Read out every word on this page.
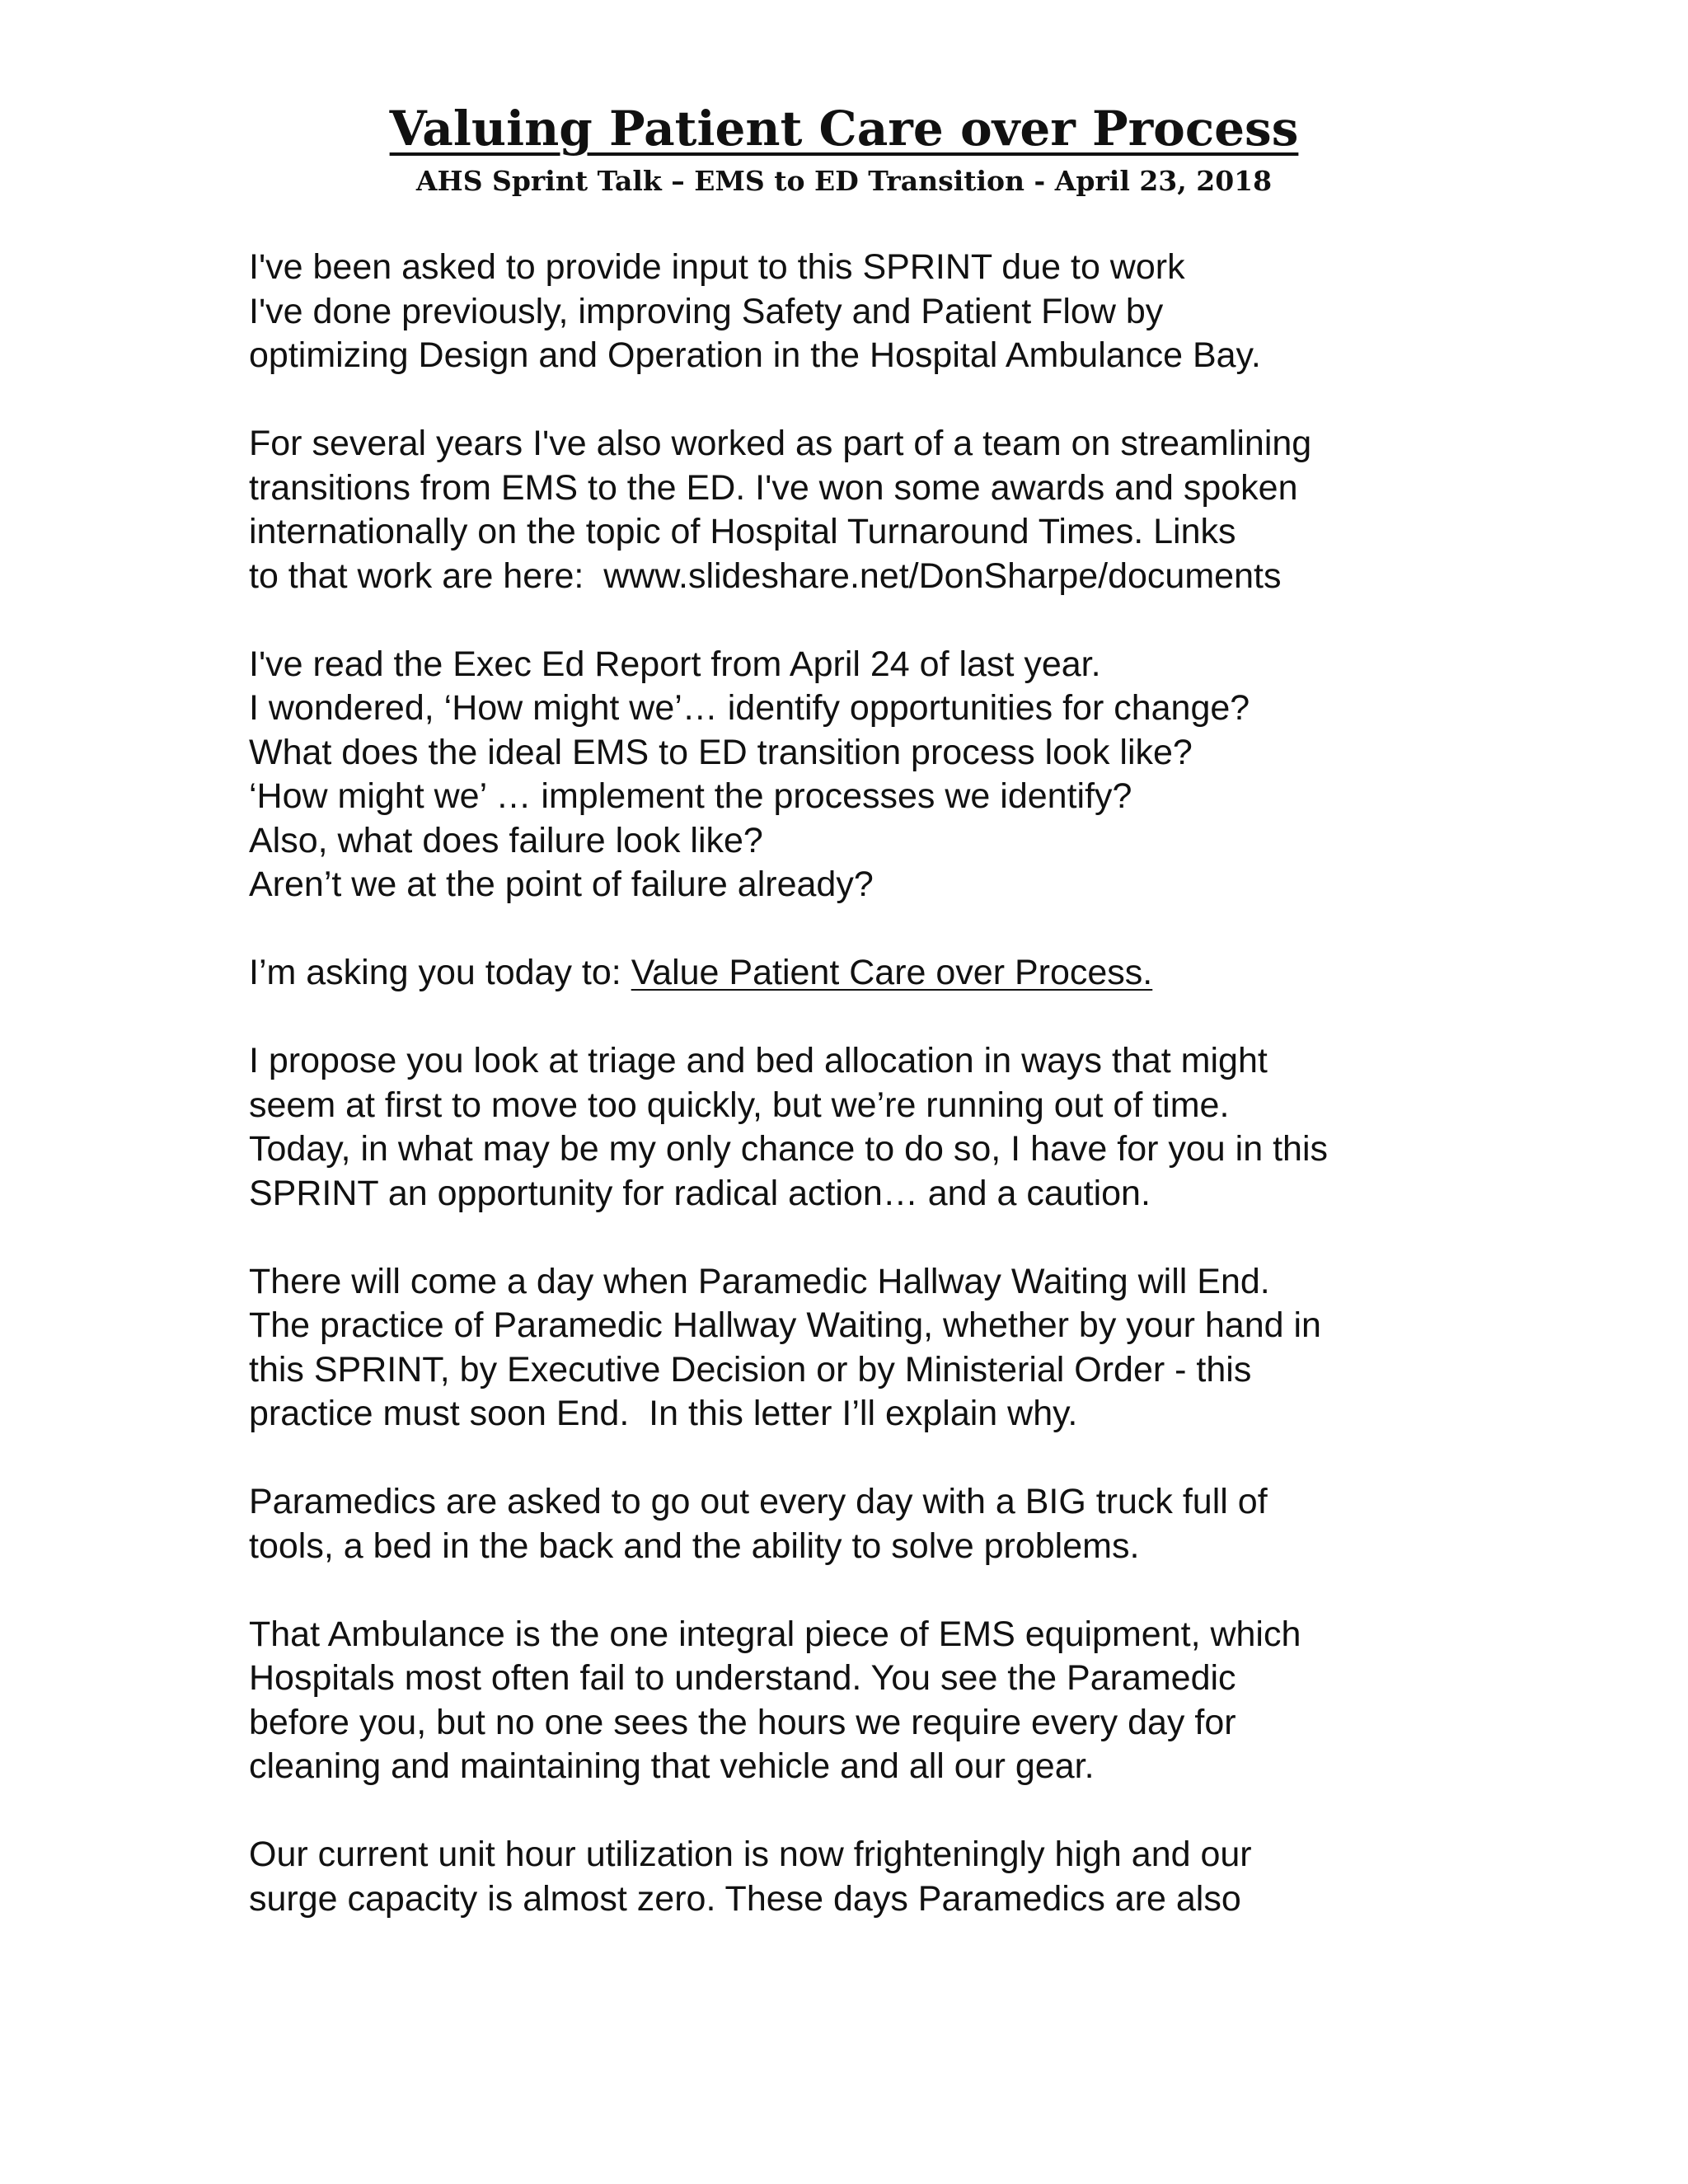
Valuing Patient Care over Process
AHS Sprint Talk – EMS to ED Transition - April 23, 2018
I've been asked to provide input to this SPRINT due to work
I've done previously, improving Safety and Patient Flow by
optimizing Design and Operation in the Hospital Ambulance Bay.
For several years I've also worked as part of a team on streamlining
transitions from EMS to the ED. I've won some awards and spoken
internationally on the topic of Hospital Turnaround Times. Links
to that work are here:  www.slideshare.net/DonSharpe/documents
I've read the Exec Ed Report from April 24 of last year.
I wondered, ‘How might we’… identify opportunities for change?
What does the ideal EMS to ED transition process look like?
‘How might we’ … implement the processes we identify?
Also, what does failure look like?
Aren’t we at the point of failure already?
I’m asking you today to: Value Patient Care over Process.
I propose you look at triage and bed allocation in ways that might
seem at first to move too quickly, but we’re running out of time.
Today, in what may be my only chance to do so, I have for you in this
SPRINT an opportunity for radical action… and a caution.
There will come a day when Paramedic Hallway Waiting will End.
The practice of Paramedic Hallway Waiting, whether by your hand in
this SPRINT, by Executive Decision or by Ministerial Order - this
practice must soon End.  In this letter I’ll explain why.
Paramedics are asked to go out every day with a BIG truck full of
tools, a bed in the back and the ability to solve problems.
That Ambulance is the one integral piece of EMS equipment, which
Hospitals most often fail to understand. You see the Paramedic
before you, but no one sees the hours we require every day for
cleaning and maintaining that vehicle and all our gear.
Our current unit hour utilization is now frighteningly high and our
surge capacity is almost zero. These days Paramedics are also
